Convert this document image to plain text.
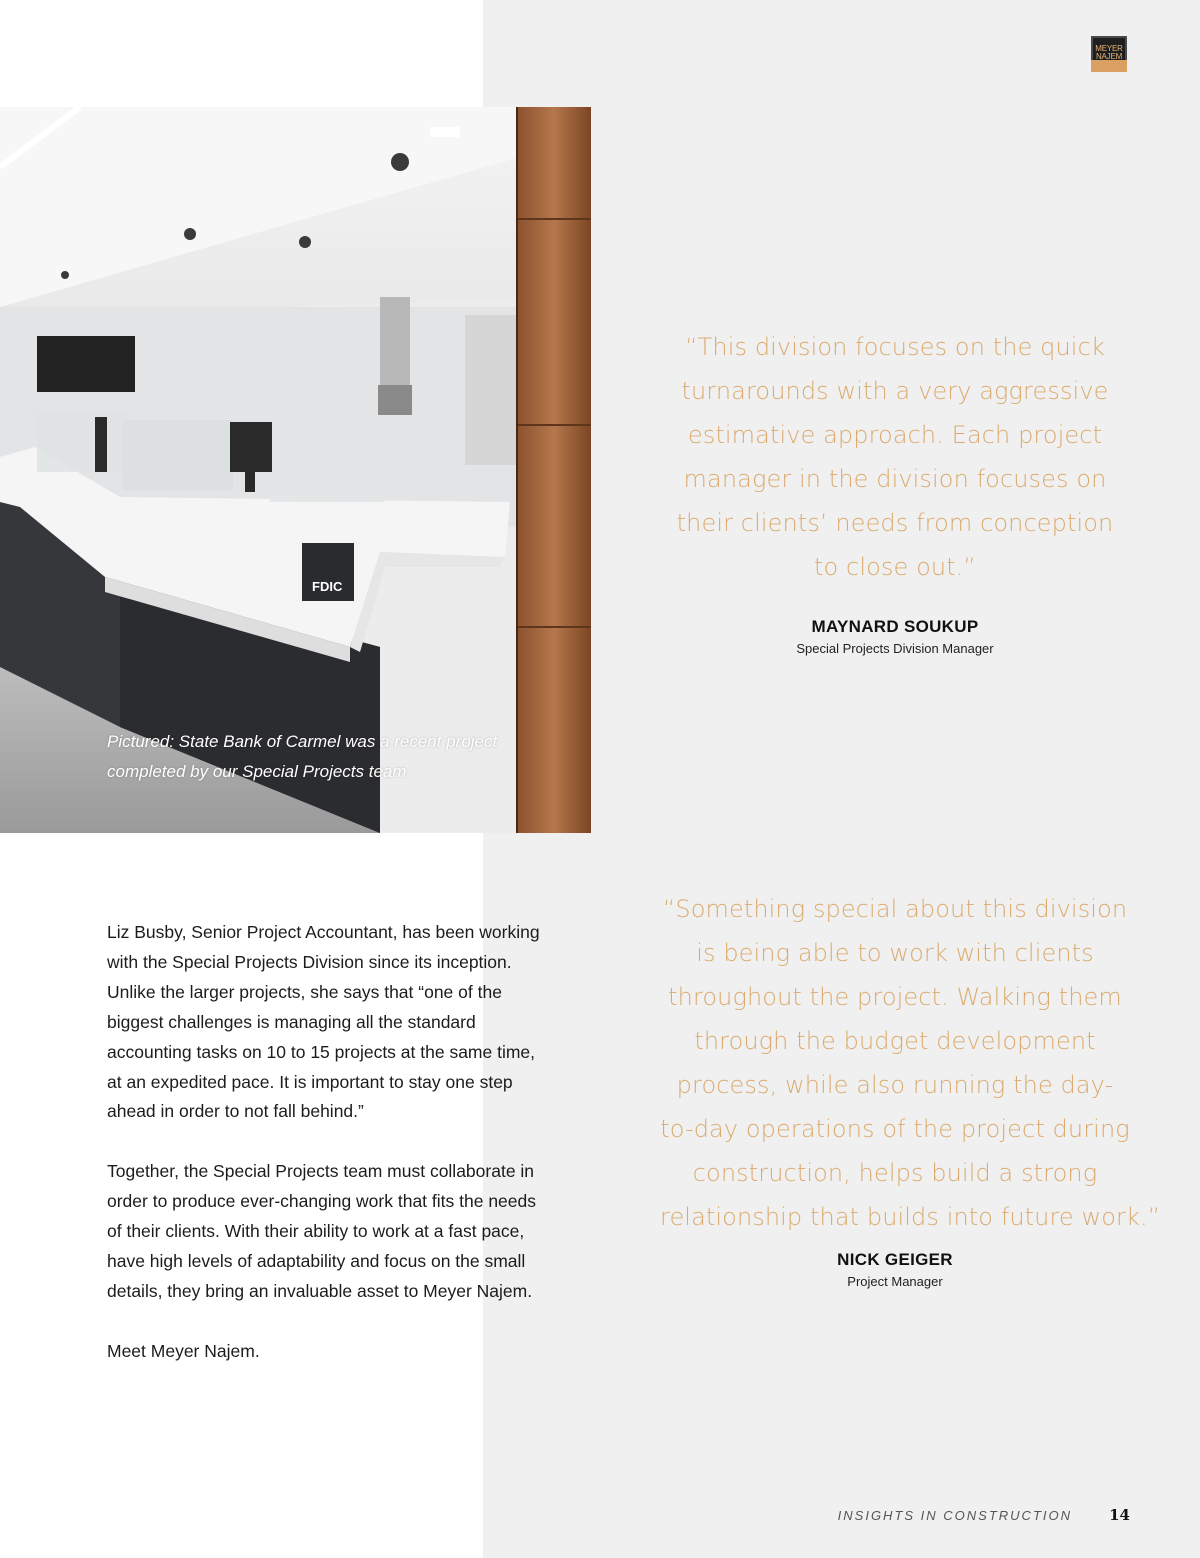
MEYER NAJEM
FDIC
Pictured: State Bank of Carmel was a recent project completed by our Special Projects team.
“This division focuses on the quick
turnarounds with a very aggressive
estimative approach. Each project
manager in the division focuses on
their clients’ needs from conception
to close out.”
MAYNARD SOUKUP
Special Projects Division Manager

Liz Busby, Senior Project Accountant, has been working
with the Special Projects Division since its inception.
Unlike the larger projects, she says that “one of the
biggest challenges is managing all the standard
accounting tasks on 10 to 15 projects at the same time,
at an expedited pace. It is important to stay one step
ahead in order to not fall behind.”

Together, the Special Projects team must collaborate in
order to produce ever-changing work that fits the needs
of their clients. With their ability to work at a fast pace,
have high levels of adaptability and focus on the small
details, they bring an invaluable asset to Meyer Najem.

Meet Meyer Najem.

“Something special about this division
is being able to work with clients
throughout the project. Walking them
through the budget development
process, while also running the day-
to-day operations of the project during
construction, helps build a strong
relationship that builds into future work.”
NICK GEIGER
Project Manager
INSIGHTS IN CONSTRUCTION	14
